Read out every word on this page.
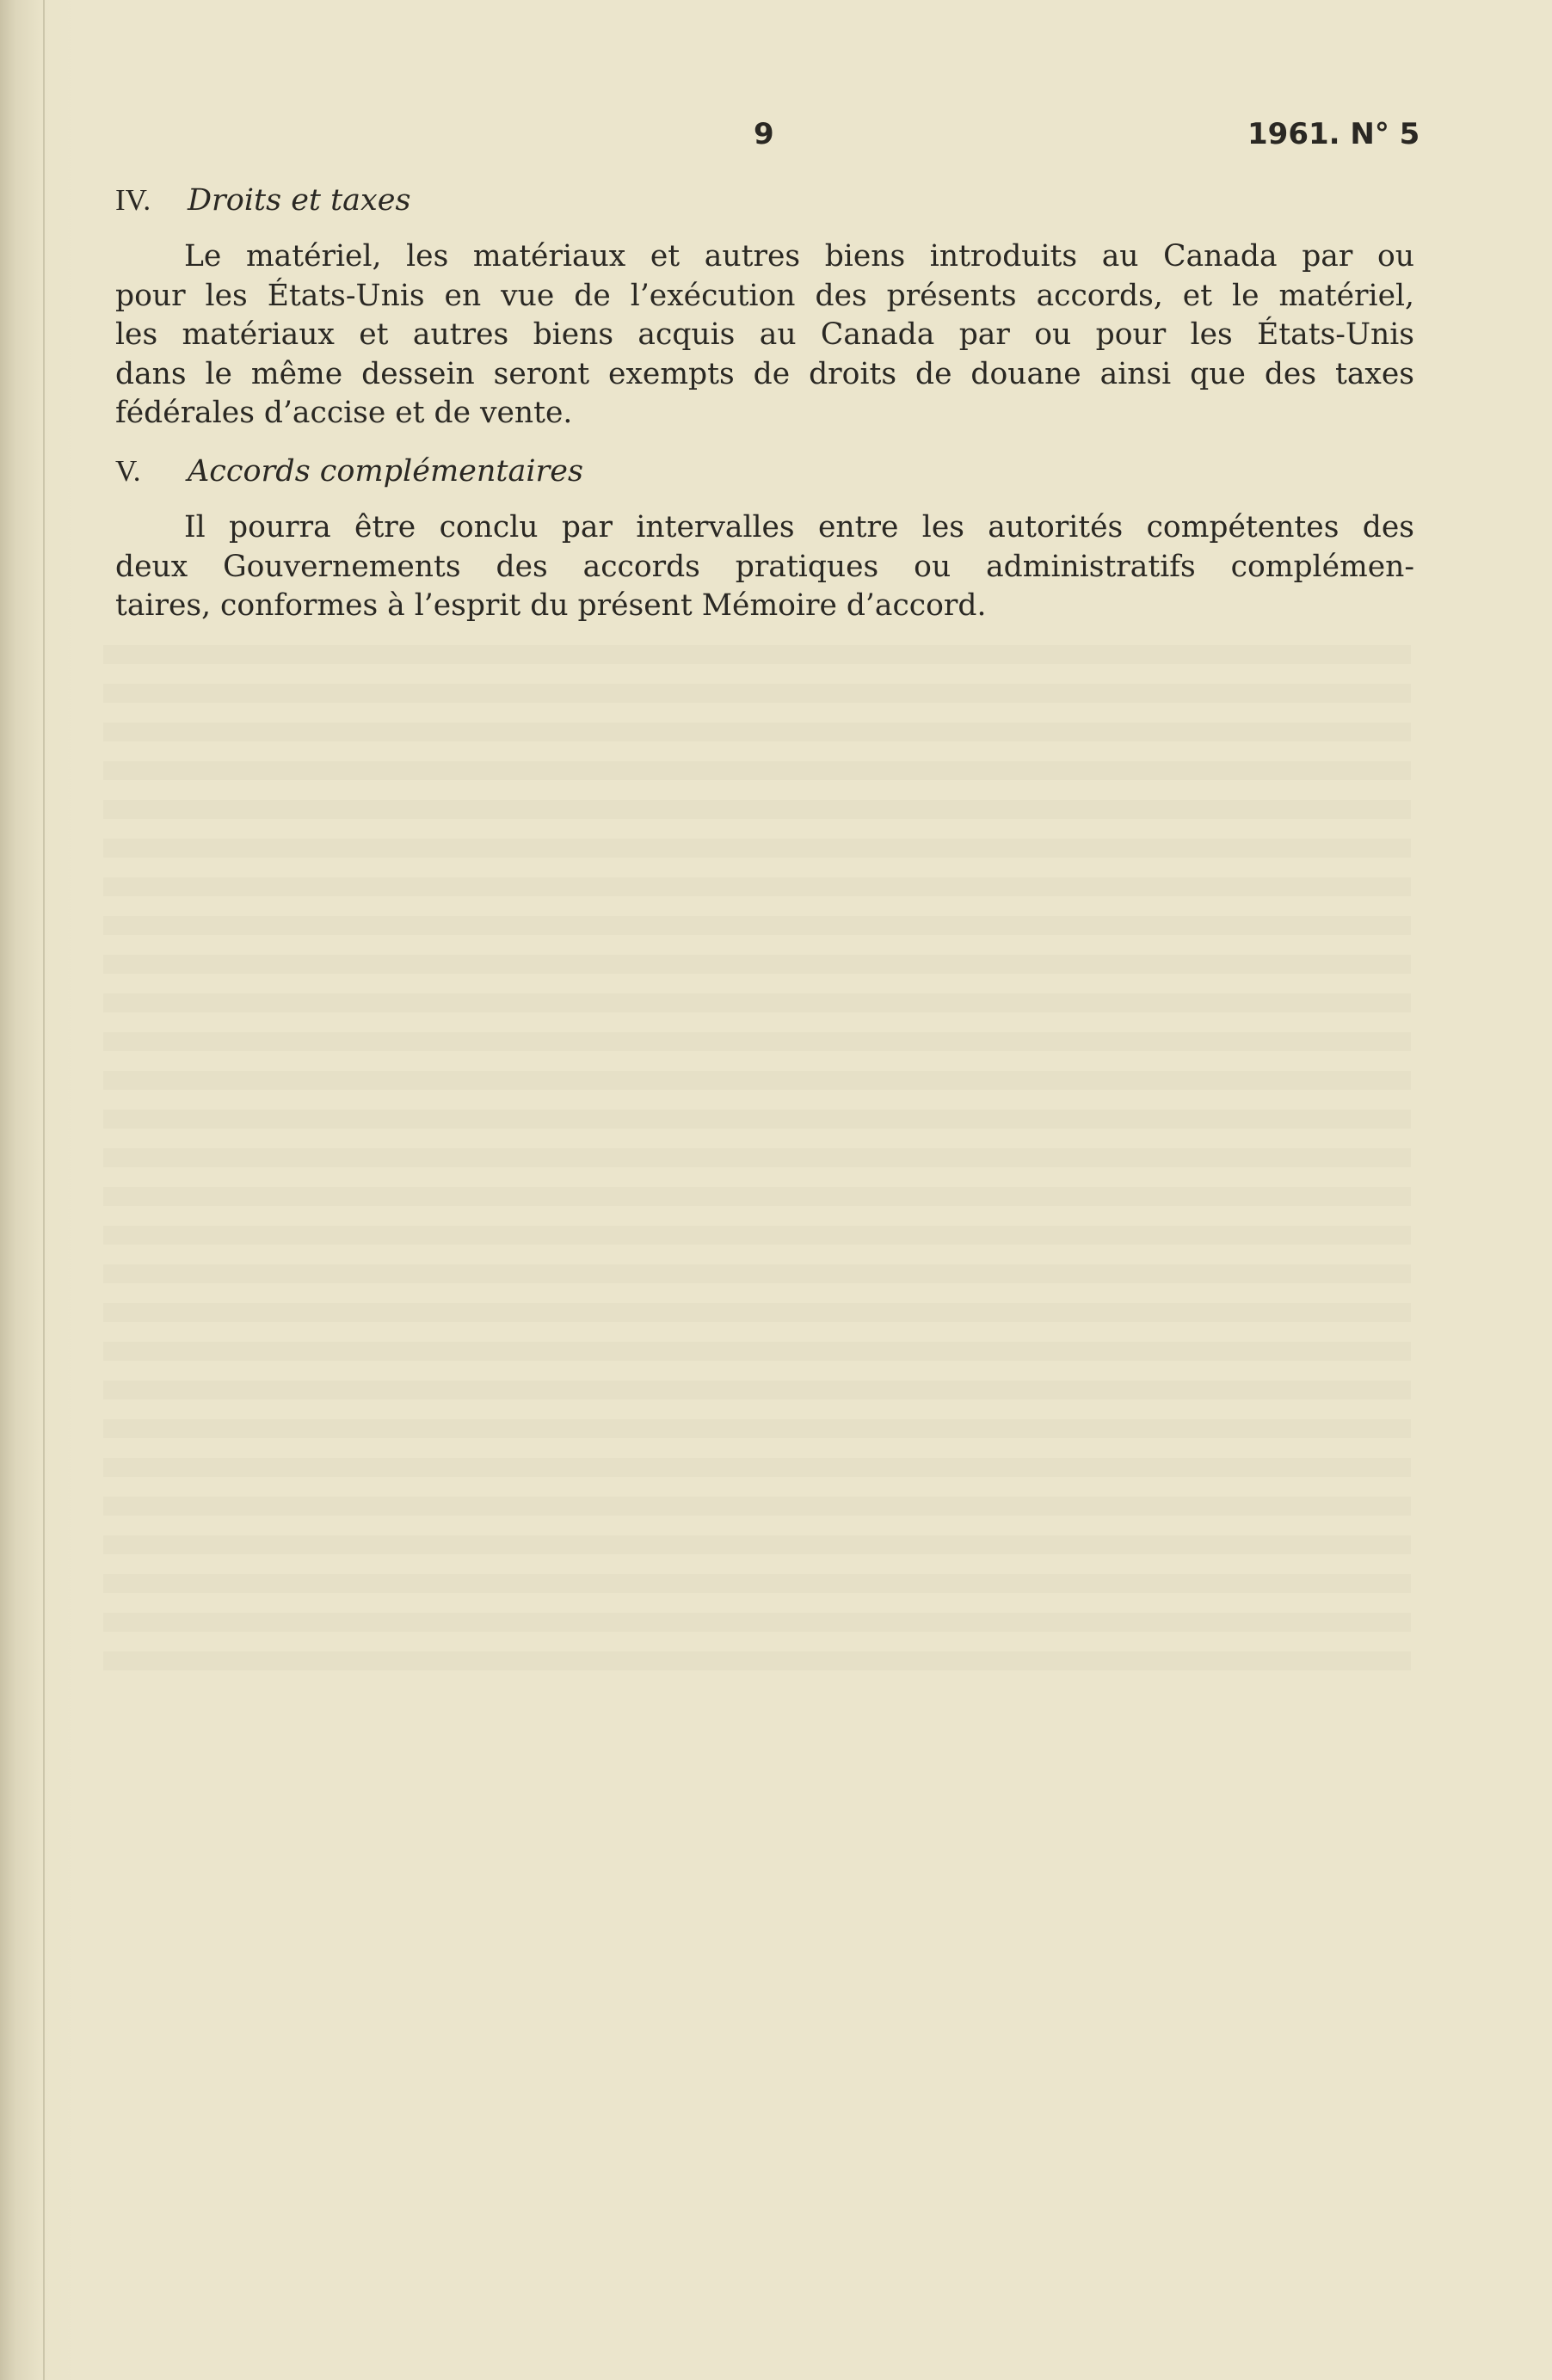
9	1961. N° 5
IV. Droits et taxes
Le matériel, les matériaux et autres biens introduits au Canada par ou
pour les États-Unis en vue de l’exécution des présents accords, et le matériel,
les matériaux et autres biens acquis au Canada par ou pour les États-Unis
dans le même dessein seront exempts de droits de douane ainsi que des taxes
fédérales d’accise et de vente.
V. Accords complémentaires
Il pourra être conclu par intervalles entre les autorités compétentes des
deux Gouvernements des accords pratiques ou administratifs complémen-
taires, conformes à l’esprit du présent Mémoire d’accord.
